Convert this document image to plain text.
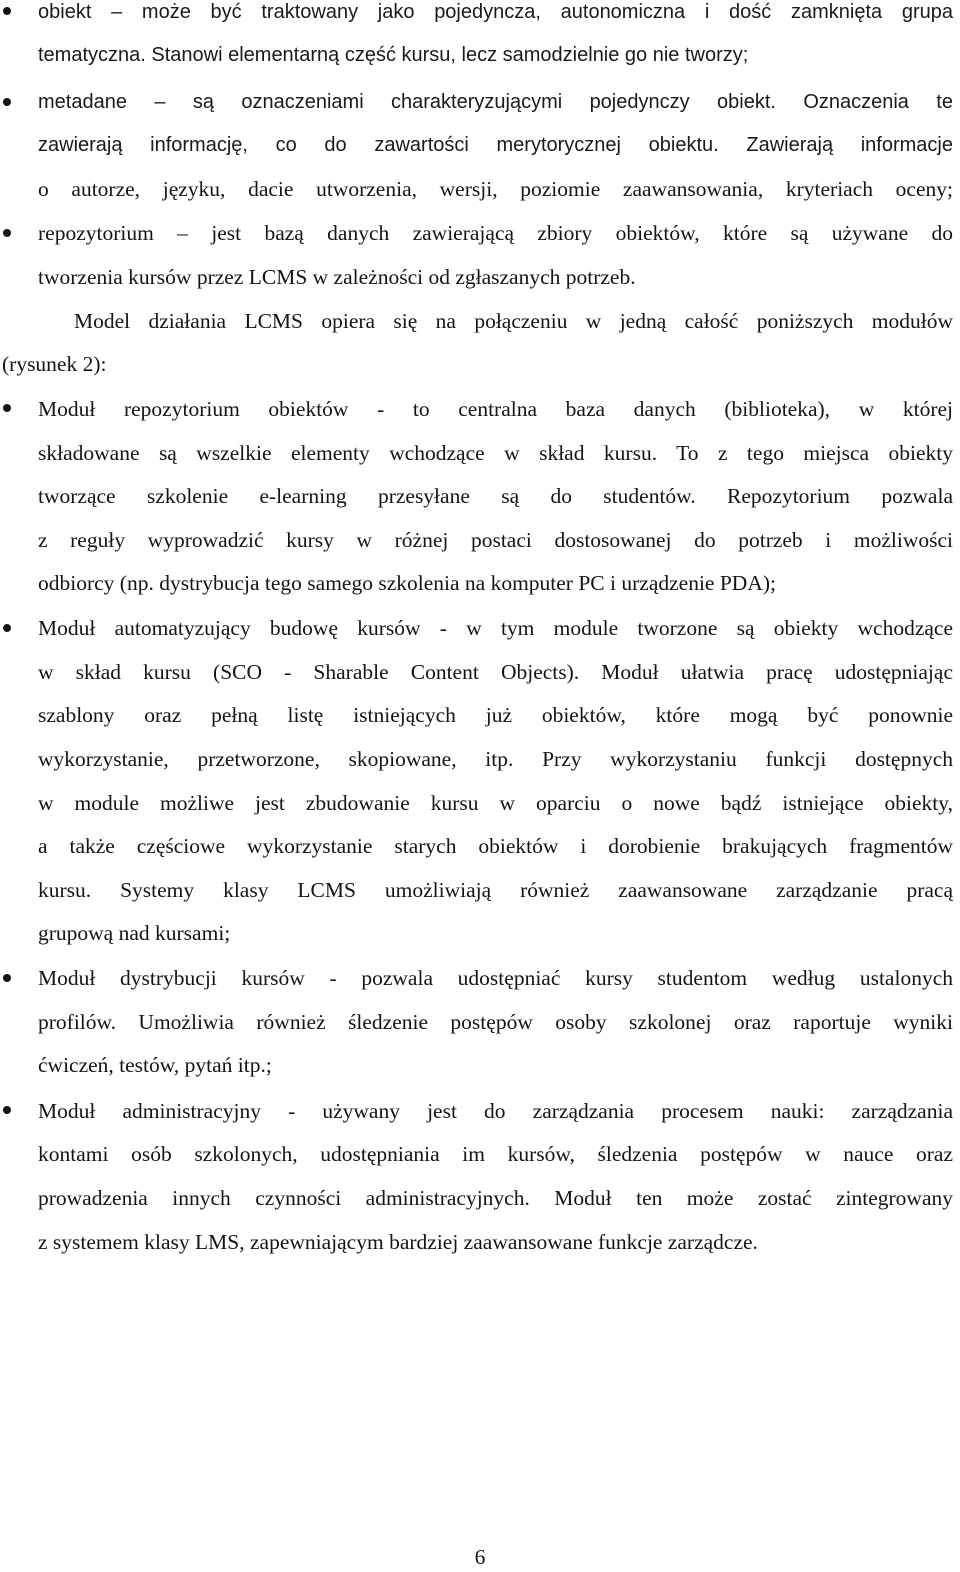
obiekt – może być traktowany jako pojedyncza, autonomiczna i dość zamknięta grupa
tematyczna. Stanowi elementarną część kursu, lecz samodzielnie go nie tworzy;
metadane – są oznaczeniami charakteryzującymi pojedynczy obiekt. Oznaczenia te
zawierają informację, co do zawartości merytorycznej obiektu. Zawierają informacje
o autorze, języku, dacie utworzenia, wersji, poziomie zaawansowania, kryteriach oceny;
repozytorium – jest bazą danych zawierającą zbiory obiektów, które są używane do
tworzenia kursów przez LCMS w zależności od zgłaszanych potrzeb.
Model działania LCMS opiera się na połączeniu w jedną całość poniższych modułów
(rysunek 2):
Moduł repozytorium obiektów - to centralna baza danych (biblioteka), w której
składowane są wszelkie elementy wchodzące w skład kursu. To z tego miejsca obiekty
tworzące szkolenie e-learning przesyłane są do studentów. Repozytorium pozwala
z reguły wyprowadzić kursy w różnej postaci dostosowanej do potrzeb i możliwości
odbiorcy (np. dystrybucja tego samego szkolenia na komputer PC i urządzenie PDA);
Moduł automatyzujący budowę kursów - w tym module tworzone są obiekty wchodzące
w skład kursu (SCO - Sharable Content Objects). Moduł ułatwia pracę udostępniając
szablony oraz pełną listę istniejących już obiektów, które mogą być ponownie
wykorzystanie, przetworzone, skopiowane, itp. Przy wykorzystaniu funkcji dostępnych
w module możliwe jest zbudowanie kursu w oparciu o nowe bądź istniejące obiekty,
a także częściowe wykorzystanie starych obiektów i dorobienie brakujących fragmentów
kursu. Systemy klasy LCMS umożliwiają również zaawansowane zarządzanie pracą
grupową nad kursami;
Moduł dystrybucji kursów - pozwala udostępniać kursy studentom według ustalonych
profilów. Umożliwia również śledzenie postępów osoby szkolonej oraz raportuje wyniki
ćwiczeń, testów, pytań itp.;
Moduł administracyjny - używany jest do zarządzania procesem nauki: zarządzania
kontami osób szkolonych, udostępniania im kursów, śledzenia postępów w nauce oraz
prowadzenia innych czynności administracyjnych. Moduł ten może zostać zintegrowany
z systemem klasy LMS, zapewniającym bardziej zaawansowane funkcje zarządcze.
6
